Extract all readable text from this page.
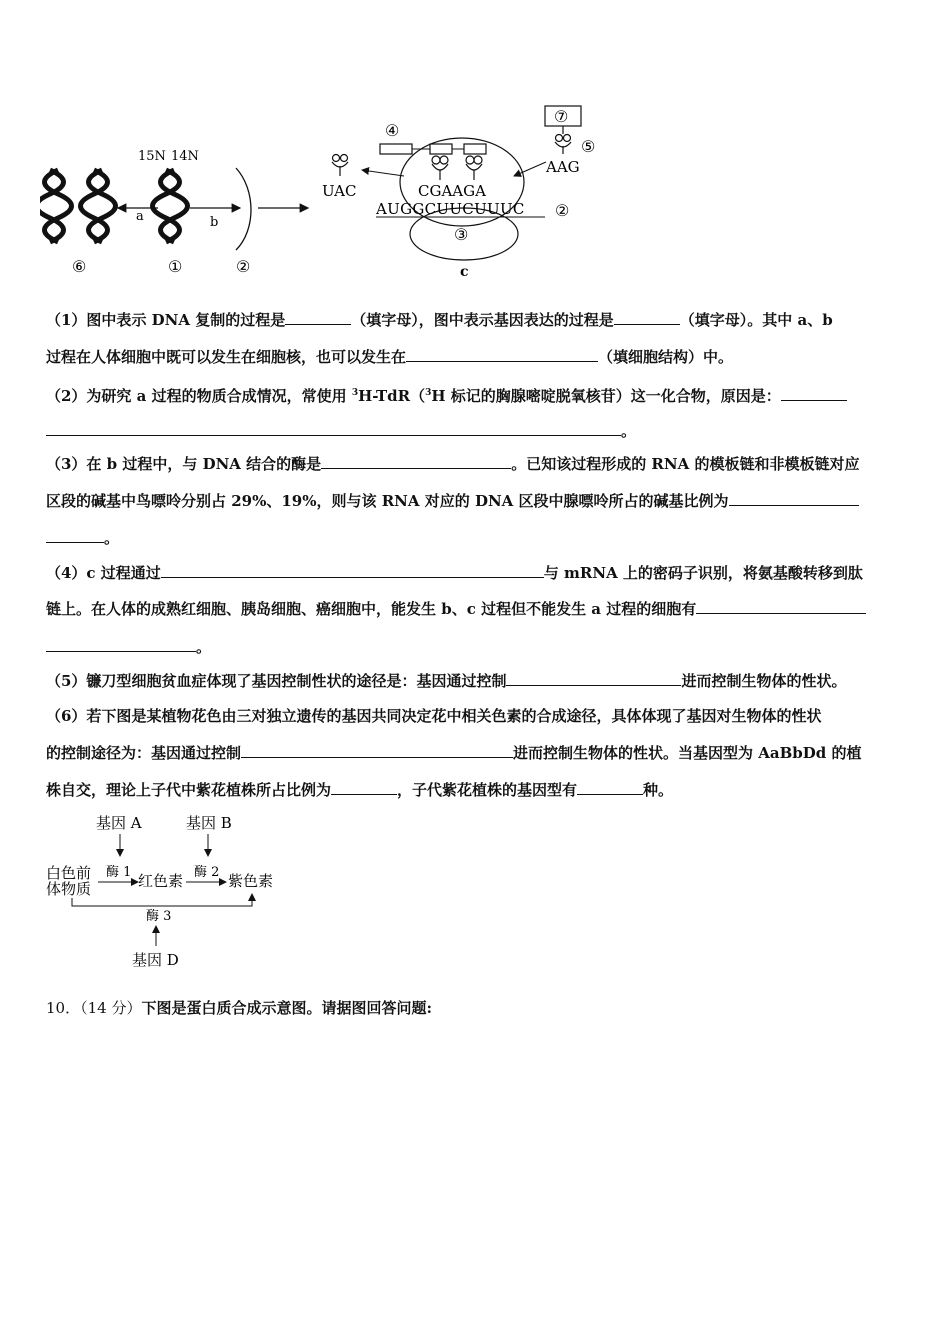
15N 14N
a	b
⑥	①	②
③
AUGGCUUCUUUC ②
CGAAGA
④
UAC
⑦
⑤
AAG
c
（1）图中表示 DNA 复制的过程是	（填字母），图中表示基因表达的过程是	（填字母）。其中 a、b
过程在人体细胞中既可以发生在细胞核，也可以发生在	（填细胞结构）中。
（2）为研究 a 过程的物质合成情况，常使用 $^3$H-TdR（$^3$H 标记的胸腺嘧啶脱氧核苷）这一化合物，原因是：
。
（3）在 b 过程中，与 DNA 结合的酶是	。已知该过程形成的 RNA 的模板链和非模板链对应
区段的碱基中鸟嘌呤分别占 29%、19%，则与该 RNA 对应的 DNA 区段中腺嘌呤所占的碱基比例为
。
（4）c 过程通过	与 mRNA 上的密码子识别，将氨基酸转移到肽
链上。在人体的成熟红细胞、胰岛细胞、癌细胞中，能发生 b、c 过程但不能发生 a 过程的细胞有
。
（5）镰刀型细胞贫血症体现了基因控制性状的途径是：基因通过控制	进而控制生物体的性状。
（6）若下图是某植物花色由三对独立遗传的基因共同决定花中相关色素的合成途径，具体体现了基因对生物体的性状
的控制途径为：基因通过控制	进而控制生物体的性状。当基因型为 AaBbDd 的植
株自交，理论上子代中紫花植株所占比例为	，子代紫花植株的基因型有	种。
基因 A	基因 B
白色前
体物质
酶 1 红色素 酶 2 紫色素
酶 3
基因 D
10．（14 分）下图是蛋白质合成示意图。请据图回答问题:
